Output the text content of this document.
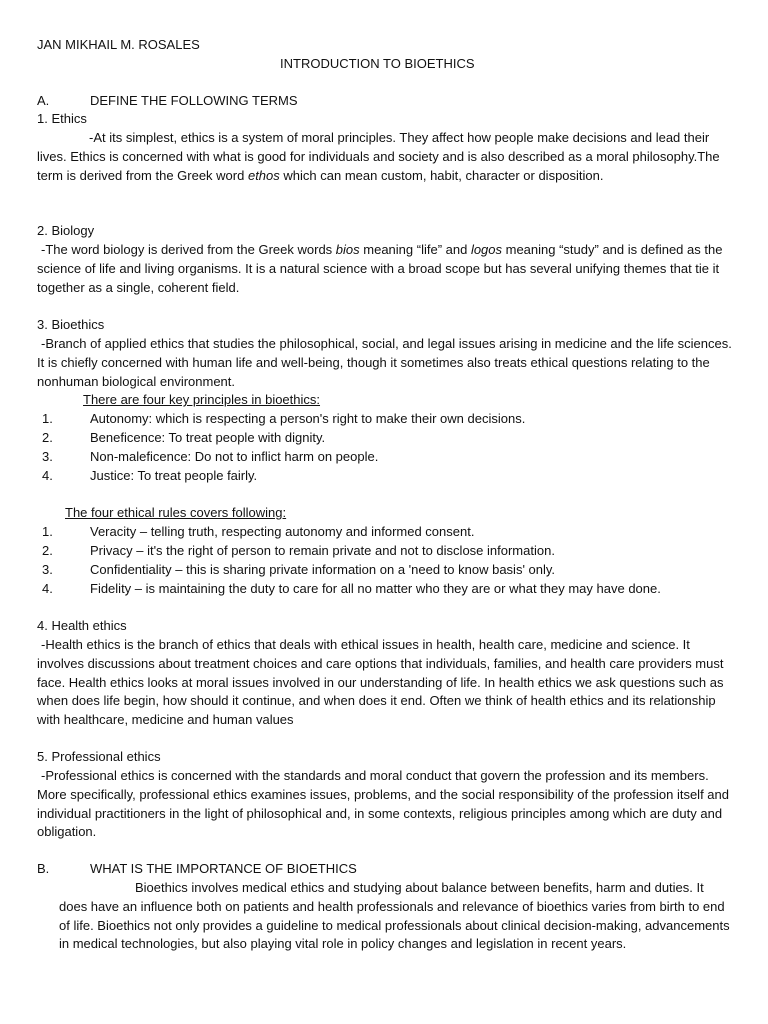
JAN MIKHAIL M. ROSALES
INTRODUCTION TO BIOETHICS
A.	DEFINE THE FOLLOWING TERMS
1. Ethics

-At its simplest, ethics is a system of moral principles. They affect how people make decisions and lead their lives. Ethics is concerned with what is good for individuals and society and is also described as a moral philosophy.The term is derived from the Greek word ethos which can mean custom, habit, character or disposition.

2. Biology

-The word biology is derived from the Greek words bios meaning “life” and logos meaning “study” and is defined as the science of life and living organisms. It is a natural science with a broad scope but has several unifying themes that tie it together as a single, coherent field.

3. Bioethics

-Branch of applied ethics that studies the philosophical, social, and legal issues arising in medicine and the life sciences. It is chiefly concerned with human life and well-being, though it sometimes also treats ethical questions relating to the nonhuman biological environment.

There are four key principles in bioethics:
1.	Autonomy: which is respecting a person's right to make their own decisions.
2.	Beneficence: To treat people with dignity.
3.	Non-maleficence: Do not to inflict harm on people.
4.	Justice: To treat people fairly.
The four ethical rules covers following:
1.	Veracity – telling truth, respecting autonomy and informed consent.
2.	Privacy – it's the right of person to remain private and not to disclose information.
3.	Confidentiality – this is sharing private information on a 'need to know basis' only.
4.	Fidelity – is maintaining the duty to care for all no matter who they are or what they may have done.
4. Health ethics

-Health ethics is the branch of ethics that deals with ethical issues in health, health care, medicine and science. It involves discussions about treatment choices and care options that individuals, families, and health care providers must face. Health ethics looks at moral issues involved in our understanding of life. In health ethics we ask questions such as when does life begin, how should it continue, and when does it end. Often we think of health ethics and its relationship with healthcare, medicine and human values

5. Professional ethics

-Professional ethics is concerned with the standards and moral conduct that govern the profession and its members. More specifically, professional ethics examines issues, problems, and the social responsibility of the profession itself and individual practitioners in the light of philosophical and, in some contexts, religious principles among which are duty and obligation.

B.	WHAT IS THE IMPORTANCE OF BIOETHICS

Bioethics involves medical ethics and studying about balance between benefits, harm and duties. It does have an influence both on patients and health professionals and relevance of bioethics varies from birth to end of life. Bioethics not only provides a guideline to medical professionals about clinical decision-making, advancements in medical technologies, but also playing vital role in policy changes and legislation in recent years.
